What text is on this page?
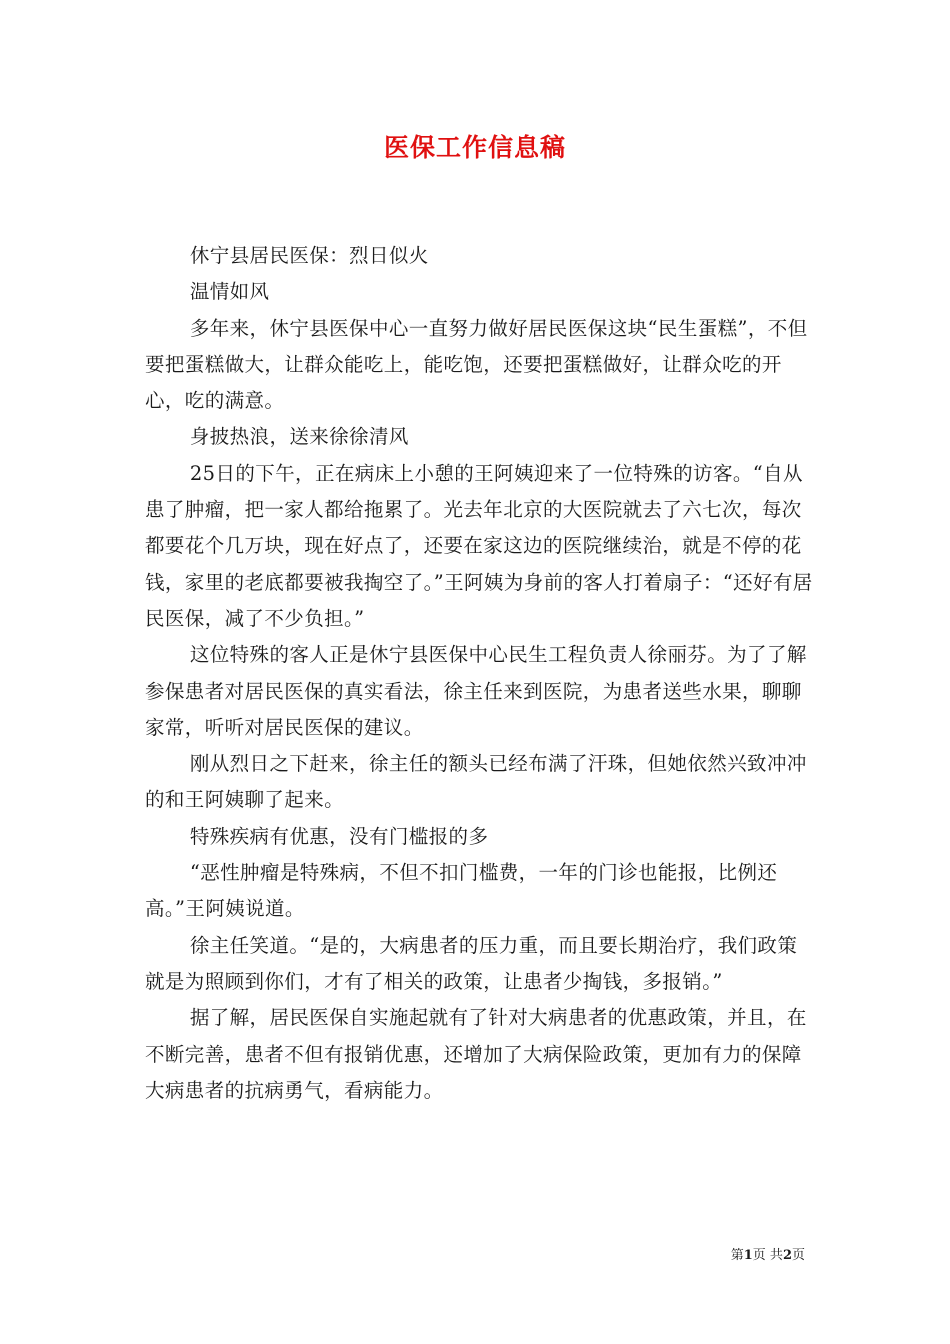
医保工作信息稿

休宁县居民医保：烈日似火

温情如风

多年来，休宁县医保中心一直努力做好居民医保这块“民生蛋糕”，不但要把蛋糕做大，让群众能吃上，能吃饱，还要把蛋糕做好，让群众吃的开心，吃的满意。

身披热浪，送来徐徐清风

25日的下午，正在病床上小憩的王阿姨迎来了一位特殊的访客。“自从患了肿瘤，把一家人都给拖累了。光去年北京的大医院就去了六七次，每次都要花个几万块，现在好点了，还要在家这边的医院继续治，就是不停的花钱，家里的老底都要被我掏空了。”王阿姨为身前的客人打着扇子：“还好有居民医保，减了不少负担。”

这位特殊的客人正是休宁县医保中心民生工程负责人徐丽芬。为了了解参保患者对居民医保的真实看法，徐主任来到医院，为患者送些水果，聊聊家常，听听对居民医保的建议。

刚从烈日之下赶来，徐主任的额头已经布满了汗珠，但她依然兴致冲冲的和王阿姨聊了起来。

特殊疾病有优惠，没有门槛报的多

“恶性肿瘤是特殊病，不但不扣门槛费，一年的门诊也能报，比例还高。”王阿姨说道。

徐主任笑道。“是的，大病患者的压力重，而且要长期治疗，我们政策就是为照顾到你们，才有了相关的政策，让患者少掏钱，多报销。”

据了解，居民医保自实施起就有了针对大病患者的优惠政策，并且，在不断完善，患者不但有报销优惠，还增加了大病保险政策，更加有力的保障大病患者的抗病勇气，看病能力。

第1页 共2页
